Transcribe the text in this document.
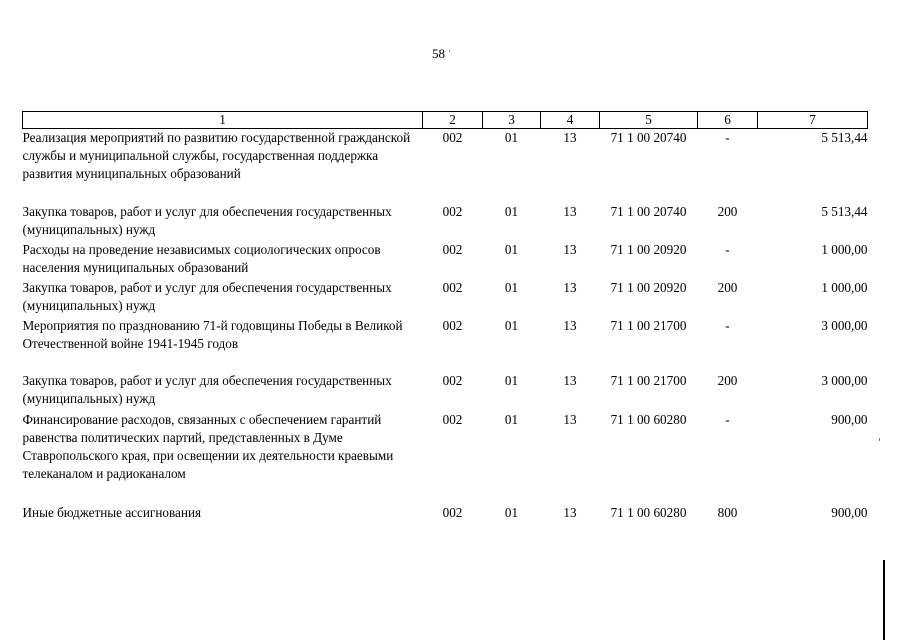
58 ·
1	2	3	4	5	6	7
Реализация мероприятий по развитию государственной гражданской службы и муниципальной службы, государственная поддержка развития муниципальных образований	002	01	13	71 1 00 20740	-	5 513,44
Закупка товаров, работ и услуг для обеспечения государственных (муниципальных) нужд	002	01	13	71 1 00 20740	200	5 513,44
Расходы на проведение независимых социологических опросов населения муниципальных образований	002	01	13	71 1 00 20920	-	1 000,00
Закупка товаров, работ и услуг для обеспечения государственных (муниципальных) нужд	002	01	13	71 1 00 20920	200	1 000,00
Мероприятия по празднованию 71-й годовщины Победы в Великой Отечественной войне 1941-1945 годов	002	01	13	71 1 00 21700	-	3 000,00
Закупка товаров, работ и услуг для обеспечения государственных (муниципальных) нужд	002	01	13	71 1 00 21700	200	3 000,00
Финансирование расходов, связанных с обеспечением гарантий равенства политических партий, представленных в Думе Ставропольского края, при освещении их деятельности краевыми телеканалом и радиоканалом	002	01	13	71 1 00 60280	-	900,00
Иные бюджетные ассигнования	002	01	13	71 1 00 60280	800	900,00
